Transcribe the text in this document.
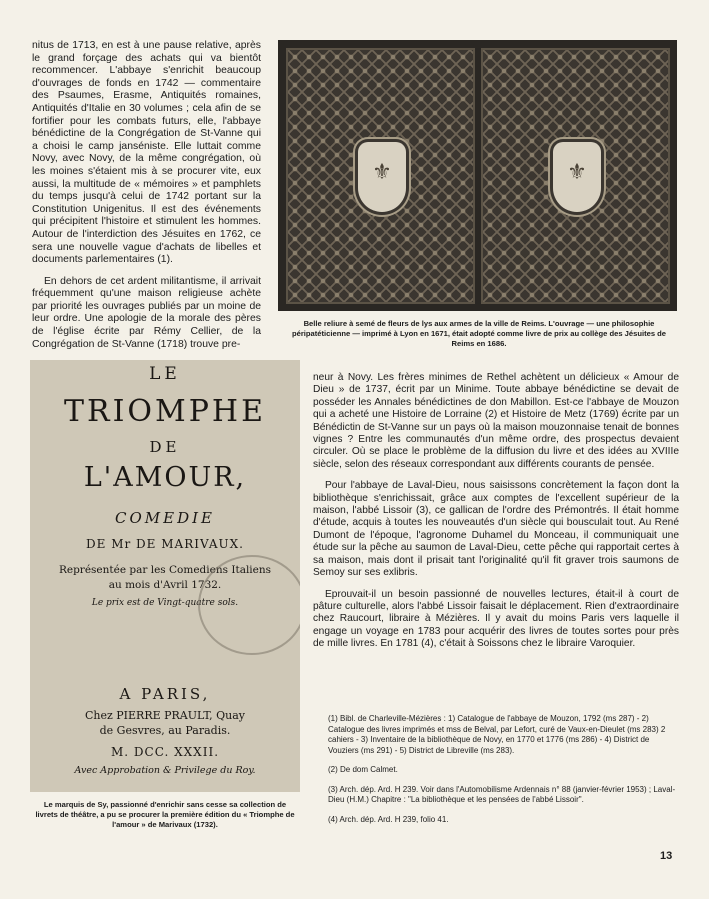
nitus de 1713, en est à une pause relative, après le grand forçage des achats qui va bientôt recommencer. L'abbaye s'enrichit beaucoup d'ouvrages de fonds en 1742 — commentaire des Psaumes, Erasme, Antiquités romaines, Antiquités d'Italie en 30 volumes ; cela afin de se fortifier pour les combats futurs, elle, l'abbaye bénédictine de la Congrégation de St-Vanne qui a choisi le camp janséniste. Elle luttait comme Novy, avec Novy, de la même congrégation, où les moines s'étaient mis à se procurer vite, eux aussi, la multitude de « mémoires » et pamphlets du temps jusqu'à celui de 1742 portant sur la Constitution Unigenitus. Il est des événements qui précipitent l'histoire et stimulent les hommes. Autour de l'interdiction des Jésuites en 1762, ce sera une nouvelle vague d'achats de libelles et documents parlementaires (1).

En dehors de cet ardent militantisme, il arrivait fréquemment qu'une maison religieuse achète par priorité les ouvrages publiés par un moine de leur ordre. Une apologie de la morale des pères de l'église écrite par Rémy Cellier, de la Congrégation de St-Vanne (1718) trouve pre-

⚜
⚜
Belle reliure à semé de fleurs de lys aux armes de la ville de Reims. L'ouvrage — une philosophie péripatéticienne — imprimé à Lyon en 1671, était adopté comme livre de prix au collège des Jésuites de Reims en 1686.
LE
TRIOMPHE
DE
L'AMOUR,
COMEDIE
DE Mr DE MARIVAUX.
Représentée par les Comediens Italiens
au mois d'Avril 1732.
Le prix est de Vingt-quatre sols.
A PARIS,
Chez PIERRE PRAULT, Quay
de Gesvres, au Paradis.
M. DCC. XXXII.
Avec Approbation & Privilege du Roy.
Le marquis de Sy, passionné d'enrichir sans cesse sa collection de livrets de théâtre, a pu se procurer la première édition du « Triomphe de l'amour » de Marivaux (1732).

neur à Novy. Les frères minimes de Rethel achètent un délicieux « Amour de Dieu » de 1737, écrit par un Minime. Toute abbaye bénédictine se devait de posséder les Annales bénédictines de don Mabillon. Est-ce l'abbaye de Mouzon qui a acheté une Histoire de Lorraine (2) et Histoire de Metz (1769) écrite par un Bénédictin de St-Vanne sur un pays où la maison mouzonnaise tenait de bonnes vignes ? Entre les communautés d'un même ordre, des prospectus devaient circuler. Où se place le problème de la diffusion du livre et des idées au XVIIIe siècle, selon des réseaux correspondant aux différents courants de pensée.

Pour l'abbaye de Laval-Dieu, nous saisissons concrètement la façon dont la bibliothèque s'enrichissait, grâce aux comptes de l'excellent supérieur de la maison, l'abbé Lissoir (3), ce gallican de l'ordre des Prémontrés. Il était homme d'étude, acquis à toutes les nouveautés d'un siècle qui bousculait tout. Au René Dumont de l'époque, l'agronome Duhamel du Monceau, il communiquait une étude sur la pêche au saumon de Laval-Dieu, cette pêche qui rapportait certes à sa maison, mais dont il prisait tant l'originalité qu'il fit graver trois saumons de Semoy sur ses exlibris.

Eprouvait-il un besoin passionné de nouvelles lectures, était-il à court de pâture culturelle, alors l'abbé Lissoir faisait le déplacement. Rien d'extraordinaire chez Raucourt, libraire à Mézières. Il y avait du moins Paris vers laquelle il engage un voyage en 1783 pour acquérir des livres de toutes sortes pour près de mille livres. En 1781 (4), c'était à Soissons chez le libraire Varoquier.

(1) Bibl. de Charleville-Mézières : 1) Catalogue de l'abbaye de Mouzon, 1792 (ms 287) - 2) Catalogue des livres imprimés et mss de Belval, par Lefort, curé de Vaux-en-Dieulet (ms 283) 2 cahiers - 3) Inventaire de la bibliothèque de Novy, en 1770 et 1776 (ms 286) - 4) District de Vouziers (ms 291) - 5) District de Libreville (ms 283).

(2) De dom Calmet.

(3) Arch. dép. Ard. H 239. Voir dans l'Automobilisme Ardennais n° 88 (janvier-février 1953) ; Laval-Dieu (H.M.) Chapitre : "La bibliothèque et les pensées de l'abbé Lissoir".

(4) Arch. dép. Ard. H 239, folio 41.

13
